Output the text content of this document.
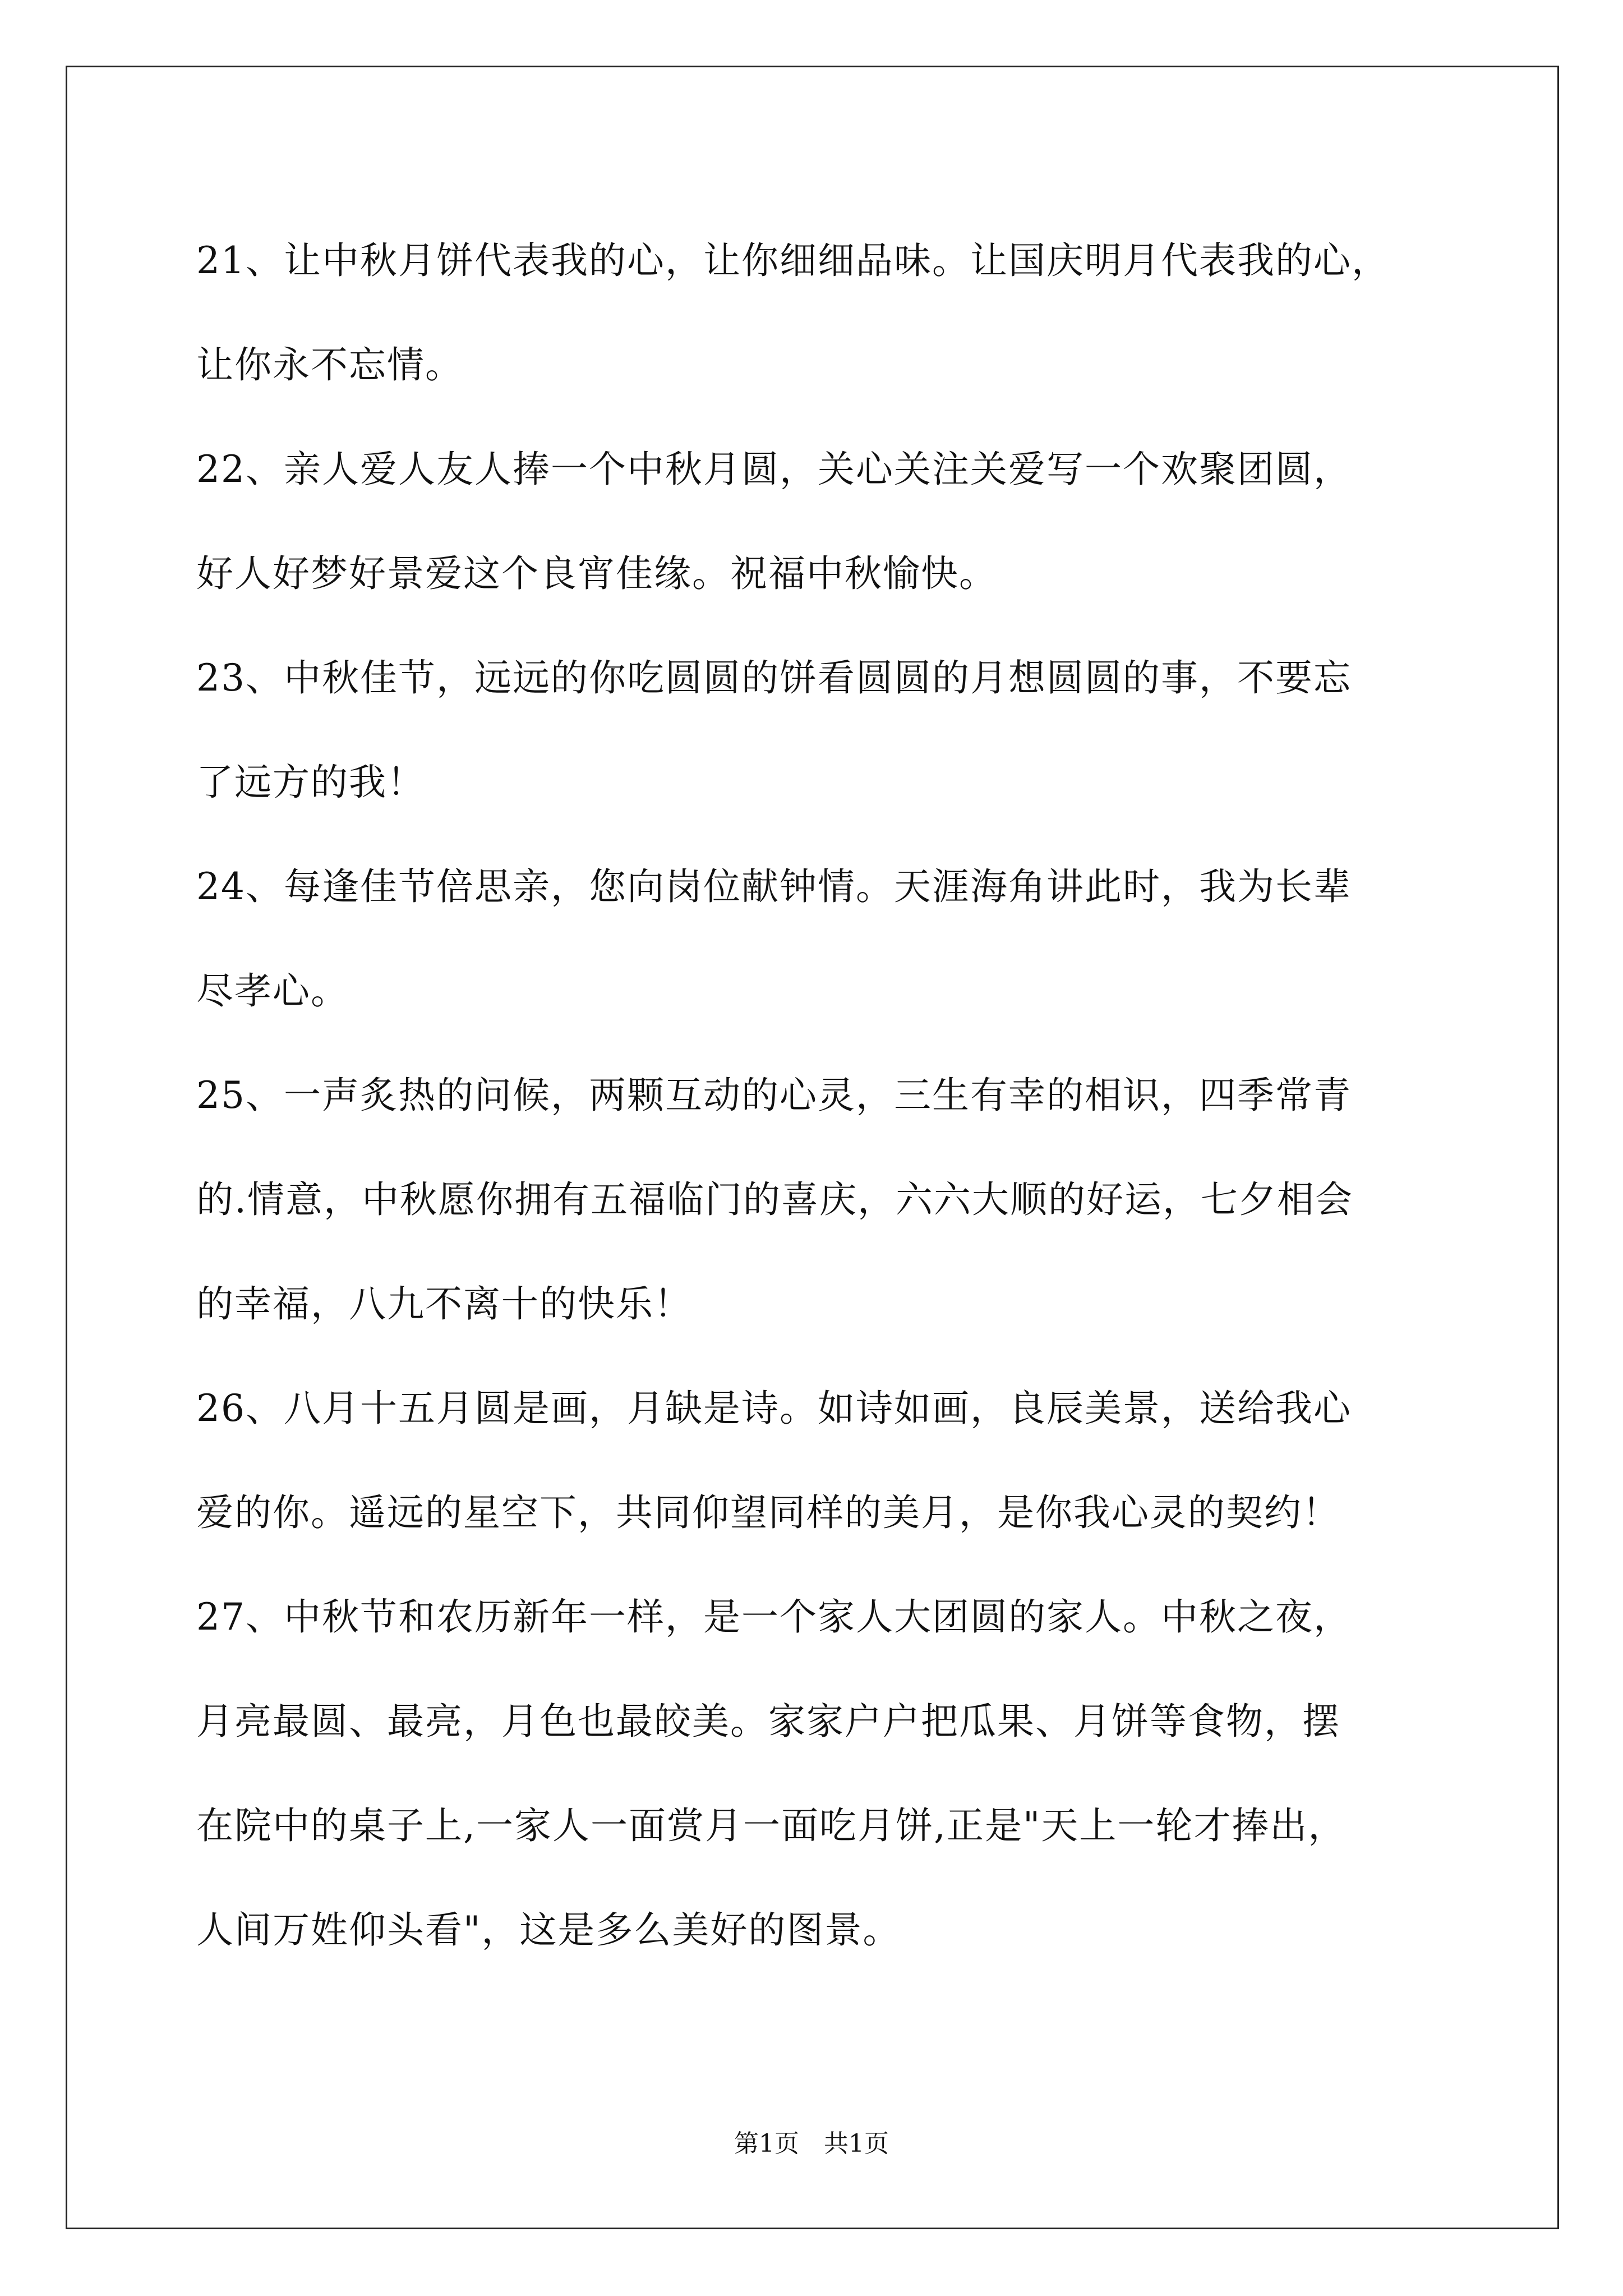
21、让中秋月饼代表我的心，让你细细品味。让国庆明月代表我的心，
让你永不忘情。

22、亲人爱人友人捧一个中秋月圆，关心关注关爱写一个欢聚团圆，
好人好梦好景爱这个良宵佳缘。祝福中秋愉快。

23、中秋佳节，远远的你吃圆圆的饼看圆圆的月想圆圆的事，不要忘
了远方的我！

24、每逢佳节倍思亲，您向岗位献钟情。天涯海角讲此时，我为长辈
尽孝心。

25、一声炙热的问候，两颗互动的心灵，三生有幸的相识，四季常青
的.情意，中秋愿你拥有五福临门的喜庆，六六大顺的好运，七夕相会
的幸福，八九不离十的快乐！

26、八月十五月圆是画，月缺是诗。如诗如画，良辰美景，送给我心
爱的你。遥远的星空下，共同仰望同样的美月，是你我心灵的契约！

27、中秋节和农历新年一样，是一个家人大团圆的家人。中秋之夜，
月亮最圆、最亮，月色也最皎美。家家户户把瓜果、月饼等食物，摆
在院中的桌子上,一家人一面赏月一面吃月饼,正是"天上一轮才捧出，
人间万姓仰头看"，这是多么美好的图景。

第1页　共1页
